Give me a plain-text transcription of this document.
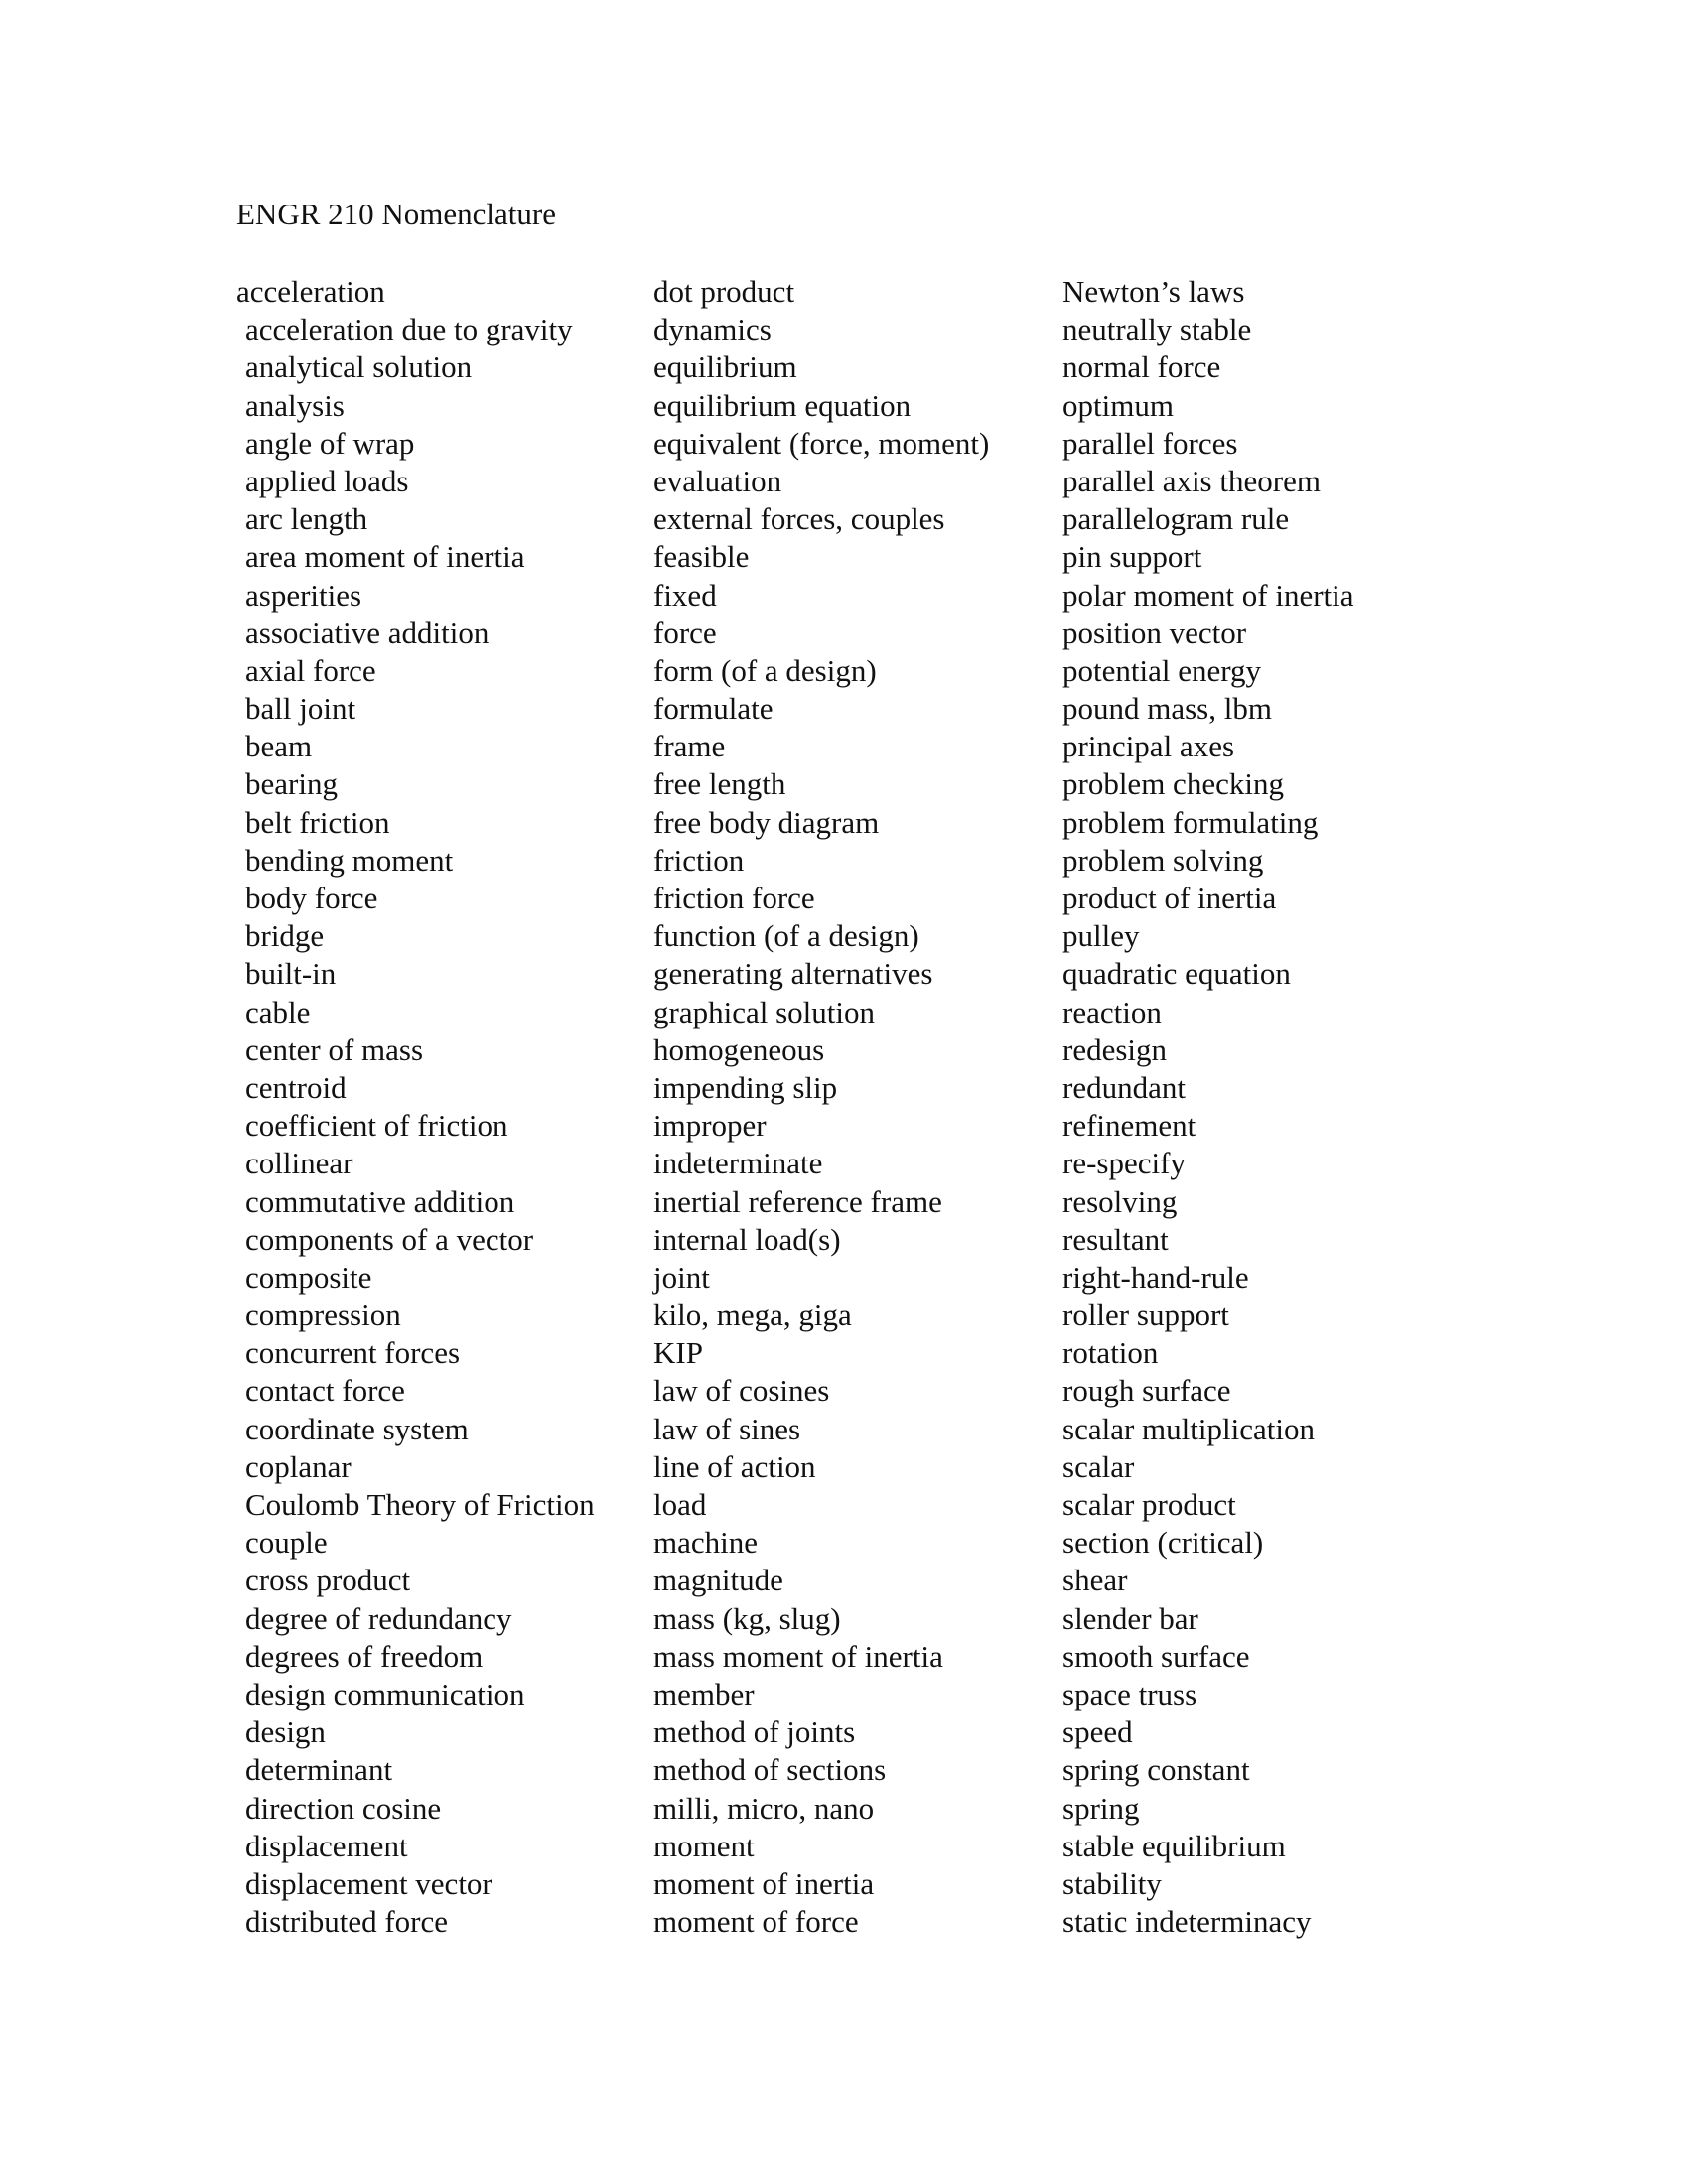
ENGR 210 Nomenclature
acceleration
acceleration due to gravity
analytical solution
analysis
angle of wrap
applied loads
arc length
area moment of inertia
asperities
associative addition
axial force
ball joint
beam
bearing
belt friction
bending moment
body force
bridge
built-in
cable
center of mass
centroid
coefficient of friction
collinear
commutative addition
components of a vector
composite
compression
concurrent forces
contact force
coordinate system
coplanar
Coulomb Theory of Friction
couple
cross product
degree of redundancy
degrees of freedom
design communication
design
determinant
direction cosine
displacement
displacement vector
distributed force
dot product
dynamics
equilibrium
equilibrium equation
equivalent (force, moment)
evaluation
external forces, couples
feasible
fixed
force
form (of a design)
formulate
frame
free length
free body diagram
friction
friction force
function (of a design)
generating alternatives
graphical solution
homogeneous
impending slip
improper
indeterminate
inertial reference frame
internal load(s)
joint
kilo, mega, giga
KIP
law of cosines
law of sines
line of action
load
machine
magnitude
mass (kg, slug)
mass moment of inertia
member
method of joints
method of sections
milli, micro, nano
moment
moment of inertia
moment of force
Newton’s laws
neutrally stable
normal force
optimum
parallel forces
parallel axis theorem
parallelogram rule
pin support
polar moment of inertia
position vector
potential energy
pound mass, lbm
principal axes
problem checking
problem formulating
problem solving
product of inertia
pulley
quadratic equation
reaction
redesign
redundant
refinement
re-specify
resolving
resultant
right-hand-rule
roller support
rotation
rough surface
scalar multiplication
scalar
scalar product
section (critical)
shear
slender bar
smooth surface
space truss
speed
spring constant
spring
stable equilibrium
stability
static indeterminacy
